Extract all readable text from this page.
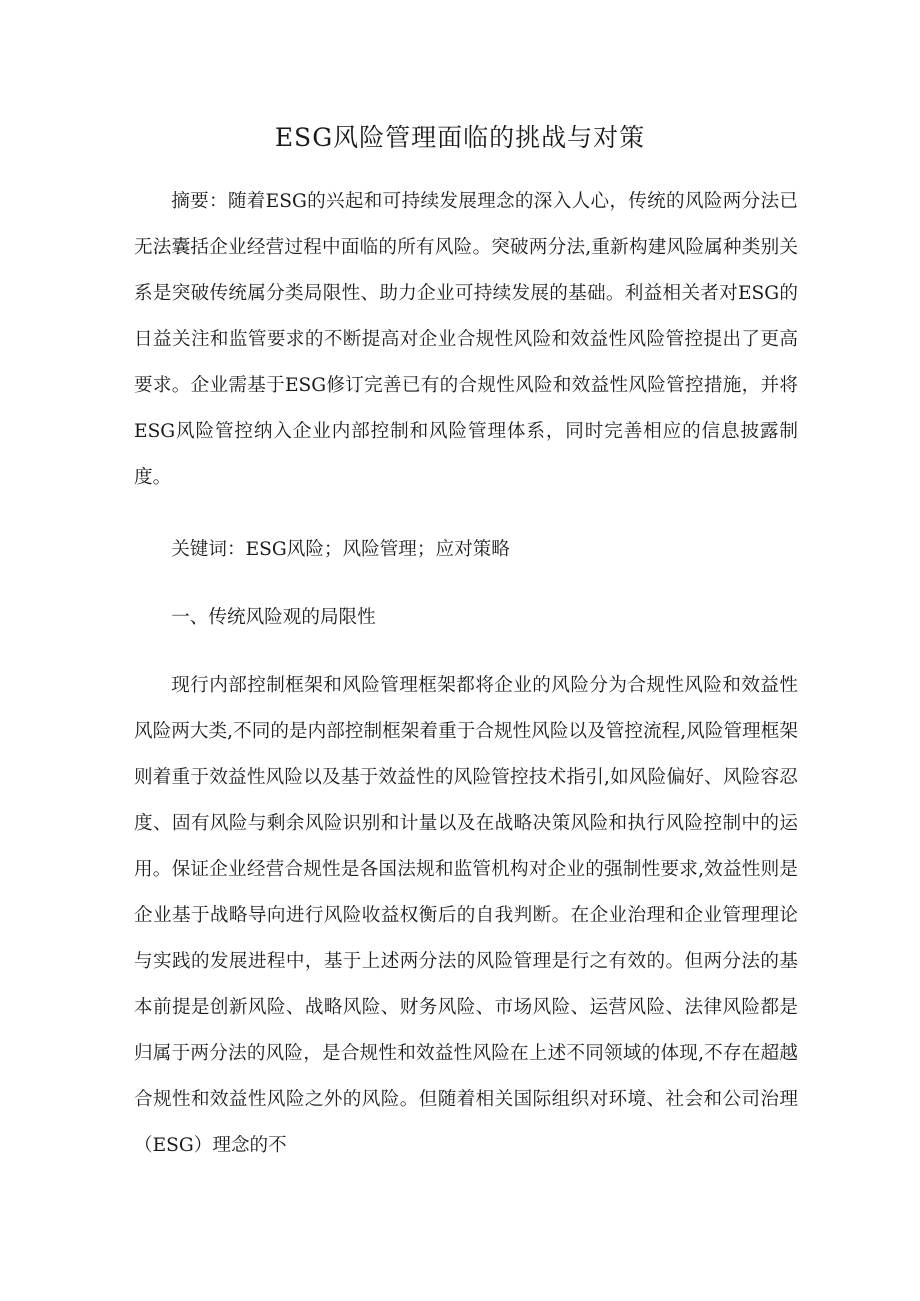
ESG风险管理面临的挑战与对策
摘要：随着ESG的兴起和可持续发展理念的深入人心，传统的风险两分法已无法囊括企业经营过程中面临的所有风险。突破两分法,重新构建风险属种类别关系是突破传统属分类局限性、助力企业可持续发展的基础。利益相关者对ESG的日益关注和监管要求的不断提高对企业合规性风险和效益性风险管控提出了更高要求。企业需基于ESG修订完善已有的合规性风险和效益性风险管控措施，并将ESG风险管控纳入企业内部控制和风险管理体系，同时完善相应的信息披露制度。
关键词：ESG风险；风险管理；应对策略
一、传统风险观的局限性
现行内部控制框架和风险管理框架都将企业的风险分为合规性风险和效益性风险两大类,不同的是内部控制框架着重于合规性风险以及管控流程,风险管理框架则着重于效益性风险以及基于效益性的风险管控技术指引,如风险偏好、风险容忍度、固有风险与剩余风险识别和计量以及在战略决策风险和执行风险控制中的运用。保证企业经营合规性是各国法规和监管机构对企业的强制性要求,效益性则是企业基于战略导向进行风险收益权衡后的自我判断。在企业治理和企业管理理论与实践的发展进程中，基于上述两分法的风险管理是行之有效的。但两分法的基本前提是创新风险、战略风险、财务风险、市场风险、运营风险、法律风险都是归属于两分法的风险，是合规性和效益性风险在上述不同领域的体现,不存在超越合规性和效益性风险之外的风险。但随着相关国际组织对环境、社会和公司治理（ESG）理念的不
